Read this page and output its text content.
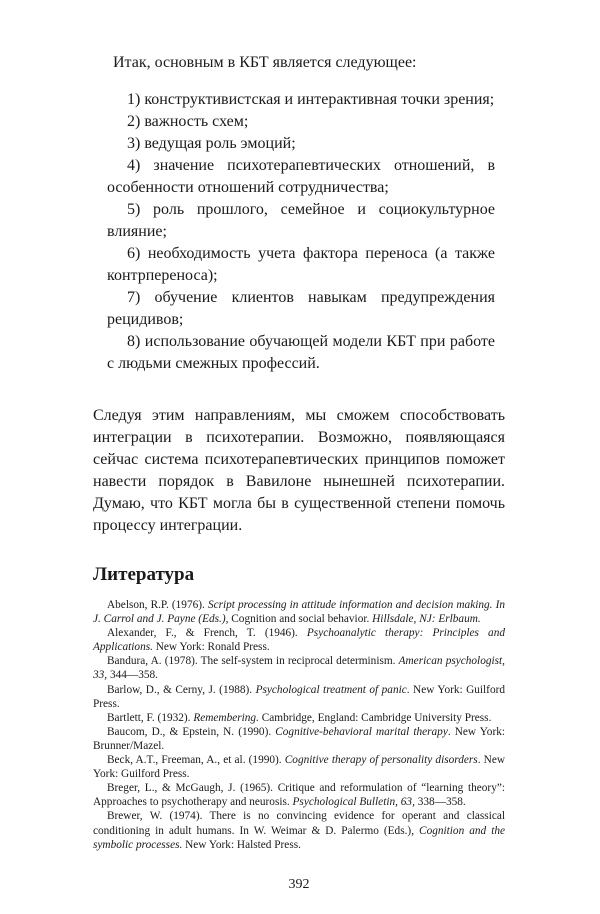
Итак, основным в КБТ является следующее:

1) конструктивистская и интерактивная точки зрения;

2) важность схем;

3) ведущая роль эмоций;

4) значение психотерапевтических отношений, в особенности отношений сотрудничества;

5) роль прошлого, семейное и социокультурное влияние;

6) необходимость учета фактора переноса (а также контрпереноса);

7) обучение клиентов навыкам предупреждения рецидивов;

8) использование обучающей модели КБТ при работе с людьми смежных профессий.

Следуя этим направлениям, мы сможем способствовать интеграции в психотерапии. Возможно, появляющаяся сейчас система психотерапевтических принципов поможет навести порядок в Вавилоне нынешней психотерапии. Думаю, что КБТ могла бы в существенной степени помочь процессу интеграции.

Литература

Abelson, R.P. (1976). Script processing in attitude information and decision making. In J. Carrol and J. Payne (Eds.), Cognition and social behavior. Hillsdale, NJ: Erlbaum.

Alexander, F., & French, T. (1946). Psychoanalytic therapy: Principles and Applications. New York: Ronald Press.

Bandura, A. (1978). The self-system in reciprocal determinism. American psychologist, 33, 344—358.

Barlow, D., & Cerny, J. (1988). Psychological treatment of panic. New York: Guilford Press.

Bartlett, F. (1932). Remembering. Cambridge, England: Cambridge University Press.

Baucom, D., & Epstein, N. (1990). Cognitive-behavioral marital therapy. New York: Brunner/Mazel.

Beck, A.T., Freeman, A., et al. (1990). Cognitive therapy of personality disorders. New York: Guilford Press.

Breger, L., & McGaugh, J. (1965). Critique and reformulation of “learning theory”: Approaches to psychotherapy and neurosis. Psychological Bulletin, 63, 338—358.

Brewer, W. (1974). There is no convincing evidence for operant and classical conditioning in adult humans. In W. Weimar & D. Palermo (Eds.), Cognition and the symbolic processes. New York: Halsted Press.

392
